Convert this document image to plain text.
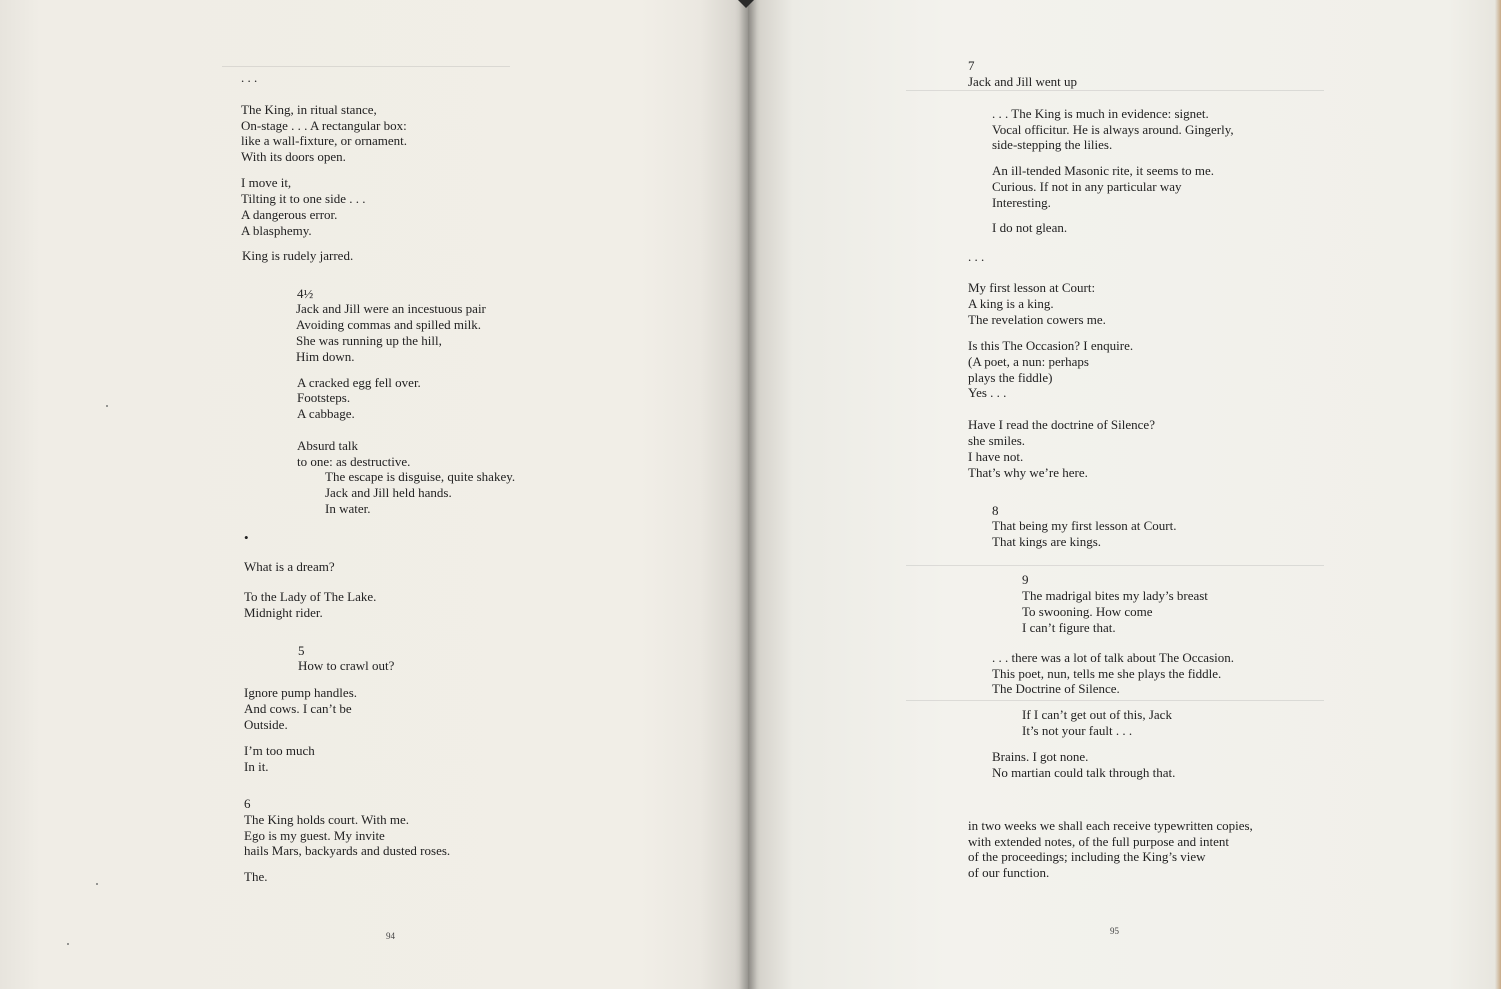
. . .
The King, in ritual stance,
On-stage . . . A rectangular box:
like a wall-fixture, or ornament.
With its doors open.
I move it,
Tilting it to one side . . .
A dangerous error.
A blasphemy.
King is rudely jarred.
4½
Jack and Jill were an incestuous pair
Avoiding commas and spilled milk.
She was running up the hill,
Him down.
A cracked egg fell over.
Footsteps.
A cabbage.
Absurd talk
to one: as destructive.
The escape is disguise, quite shakey.
Jack and Jill held hands.
In water.
•
What is a dream?
To the Lady of The Lake.
Midnight rider.
5
How to crawl out?
Ignore pump handles.
And cows. I can’t be
Outside.
I’m too much
In it.
6
The King holds court. With me.
Ego is my guest. My invite
hails Mars, backyards and dusted roses.
The.
94
7
Jack and Jill went up
. . . The King is much in evidence: signet.
Vocal officitur. He is always around. Gingerly,
side-stepping the lilies.
An ill-tended Masonic rite, it seems to me.
Curious. If not in any particular way
Interesting.
I do not glean.
. . .
My first lesson at Court:
A king is a king.
The revelation cowers me.
Is this The Occasion? I enquire.
(A poet, a nun: perhaps
plays the fiddle)
Yes . . .
Have I read the doctrine of Silence?
she smiles.
I have not.
That’s why we’re here.
8
That being my first lesson at Court.
That kings are kings.
9
The madrigal bites my lady’s breast
To swooning. How come
I can’t figure that.
. . . there was a lot of talk about The Occasion.
This poet, nun, tells me she plays the fiddle.
The Doctrine of Silence.
If I can’t get out of this, Jack
It’s not your fault . . .
Brains. I got none.
No martian could talk through that.
in two weeks we shall each receive typewritten copies,
with extended notes, of the full purpose and intent
of the proceedings; including the King’s view
of our function.
95
